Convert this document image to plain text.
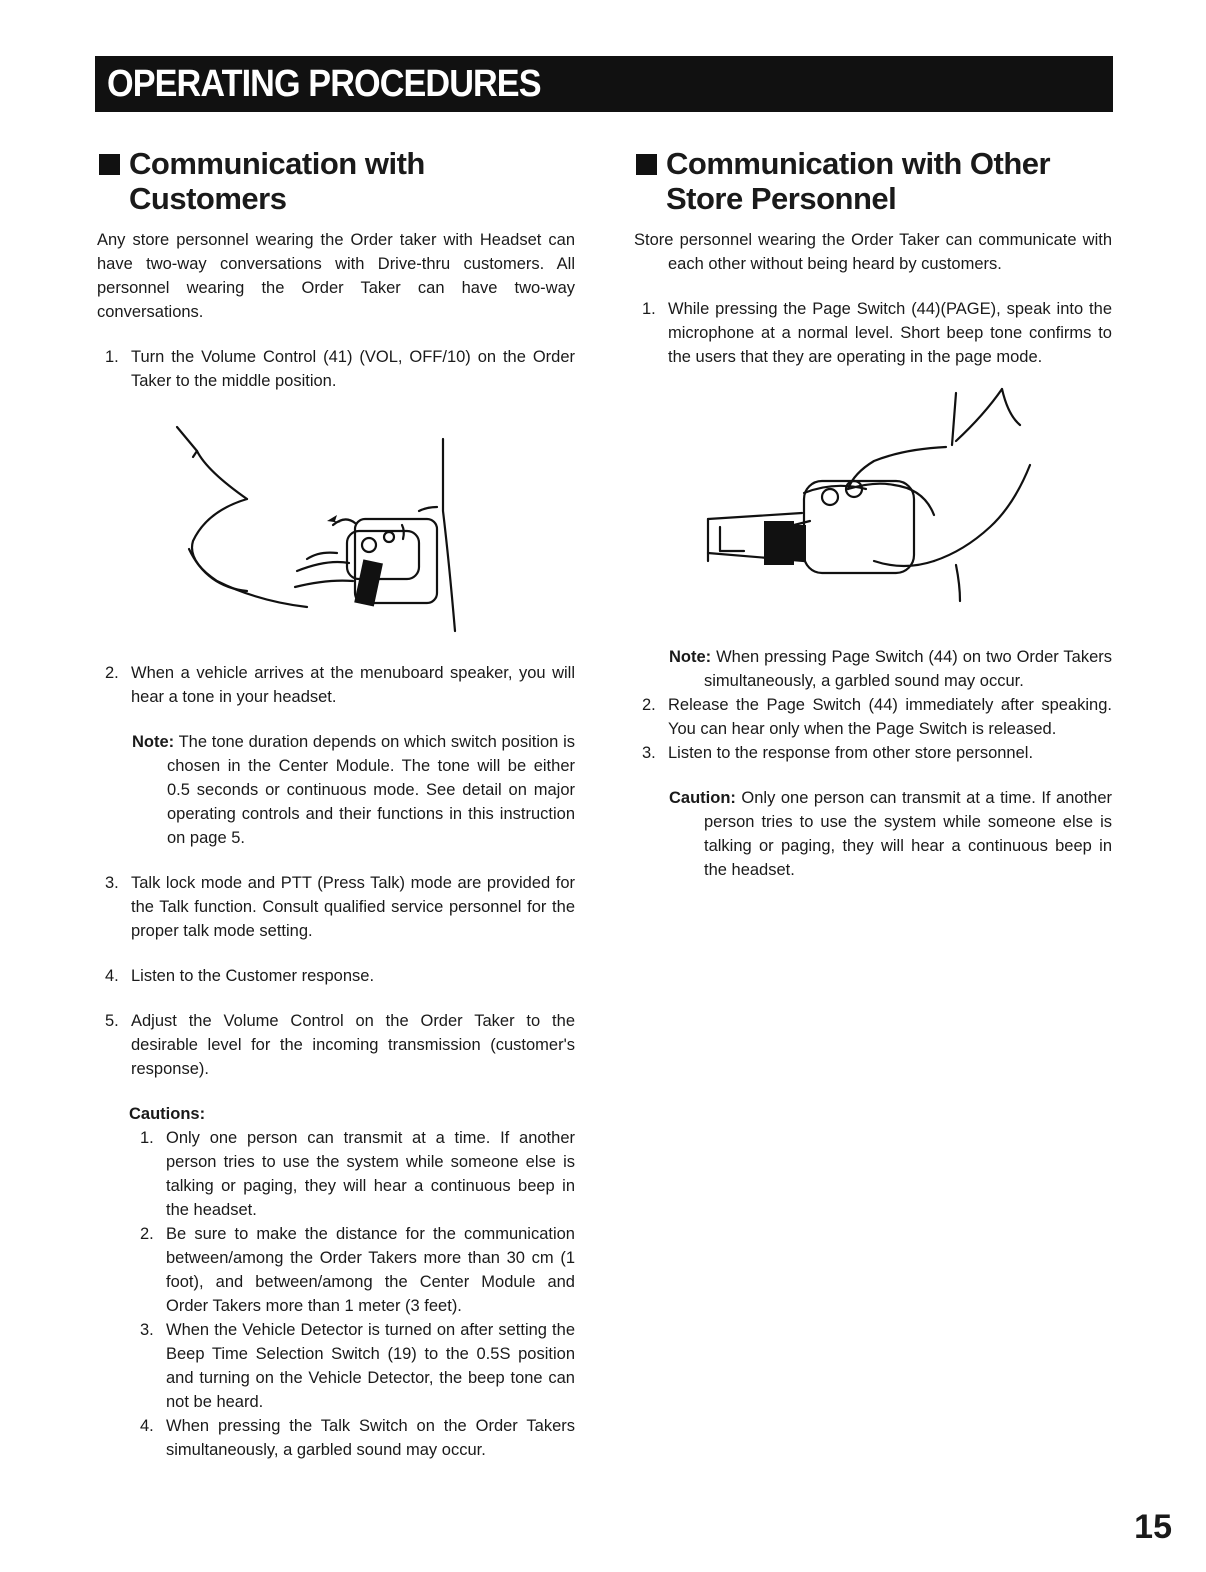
OPERATING PROCEDURES
Communication with
Customers

Any store personnel wearing the Order taker with Headset can have two-way conversations with Drive-thru customers. All personnel wearing the Order Taker can have two-way conversations.

1. Turn the Volume Control (41) (VOL, OFF/10) on the Order Taker to the middle position.
2. When a vehicle arrives at the menuboard speaker, you will hear a tone in your headset.
Note: The tone duration depends on which switch position is chosen in the Center Module. The tone will be either 0.5 seconds or continuous mode. See detail on major operating controls and their functions in this instruction on page 5.
3. Talk lock mode and PTT (Press Talk) mode are provided for the Talk function. Consult qualified service personnel for the proper talk mode setting.
4. Listen to the Customer response.
5. Adjust the Volume Control on the Order Taker to the desirable level for the incoming transmission (customer's response).
Cautions:
1. Only one person can transmit at a time. If another person tries to use the system while someone else is talking or paging, they will hear a continuous beep in the headset.
2. Be sure to make the distance for the communication between/among the Order Takers more than 30 cm (1 foot), and between/among the Center Module and Order Takers more than 1 meter (3 feet).
3. When the Vehicle Detector is turned on after setting the Beep Time Selection Switch (19) to the 0.5S position and turning on the Vehicle Detector, the beep tone can not be heard.
4. When pressing the Talk Switch on the Order Takers simultaneously, a garbled sound may occur.
Communication with Other
Store Personnel

Store personnel wearing the Order Taker can communicate with each other without being heard by customers.

1. While pressing the Page Switch (44)(PAGE), speak into the microphone at a normal level. Short beep tone confirms to the users that they are operating in the page mode.
Note: When pressing Page Switch (44) on two Order Takers simultaneously, a garbled sound may occur.
2. Release the Page Switch (44) immediately after speaking. You can hear only when the Page Switch is released.
3. Listen to the response from other store personnel.
Caution: Only one person can transmit at a time. If another person tries to use the system while someone else is talking or paging, they will hear a continuous beep in the headset.
15
